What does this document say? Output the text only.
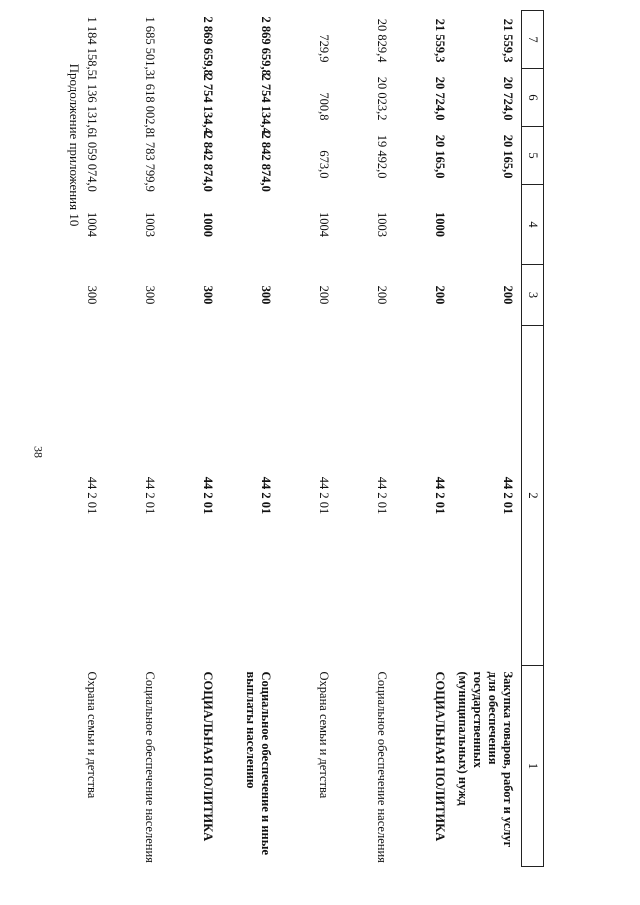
38
Продолжение приложения 10
7	6	5	4	3	2	1
21 559,3	20 724,0	20 165,0		200	44 2 01	Закупка товаров, работ и услуг для обеспечения государственных (муниципальных) нужд
21 559,3	20 724,0	20 165,0	1000	200	44 2 01	СОЦИАЛЬНАЯ ПОЛИТИКА
20 829,4	20 023,2	19 492,0	1003	200	44 2 01	Социальное обеспечение населения
729,9	700,8	673,0	1004	200	44 2 01	Охрана семьи и детства
2 869 659,8	2 754 134,4	2 842 874,0		300	44 2 01	Социальное обеспечение и иные выплаты населению
2 869 659,8	2 754 134,4	2 842 874,0	1000	300	44 2 01	СОЦИАЛЬНАЯ ПОЛИТИКА
1 685 501,3	1 618 002,8	1 783 799,9	1003	300	44 2 01	Социальное обеспечение населения
1 184 158,5	1 136 131,6	1 059 074,0	1004	300	44 2 01	Охрана семьи и детства
